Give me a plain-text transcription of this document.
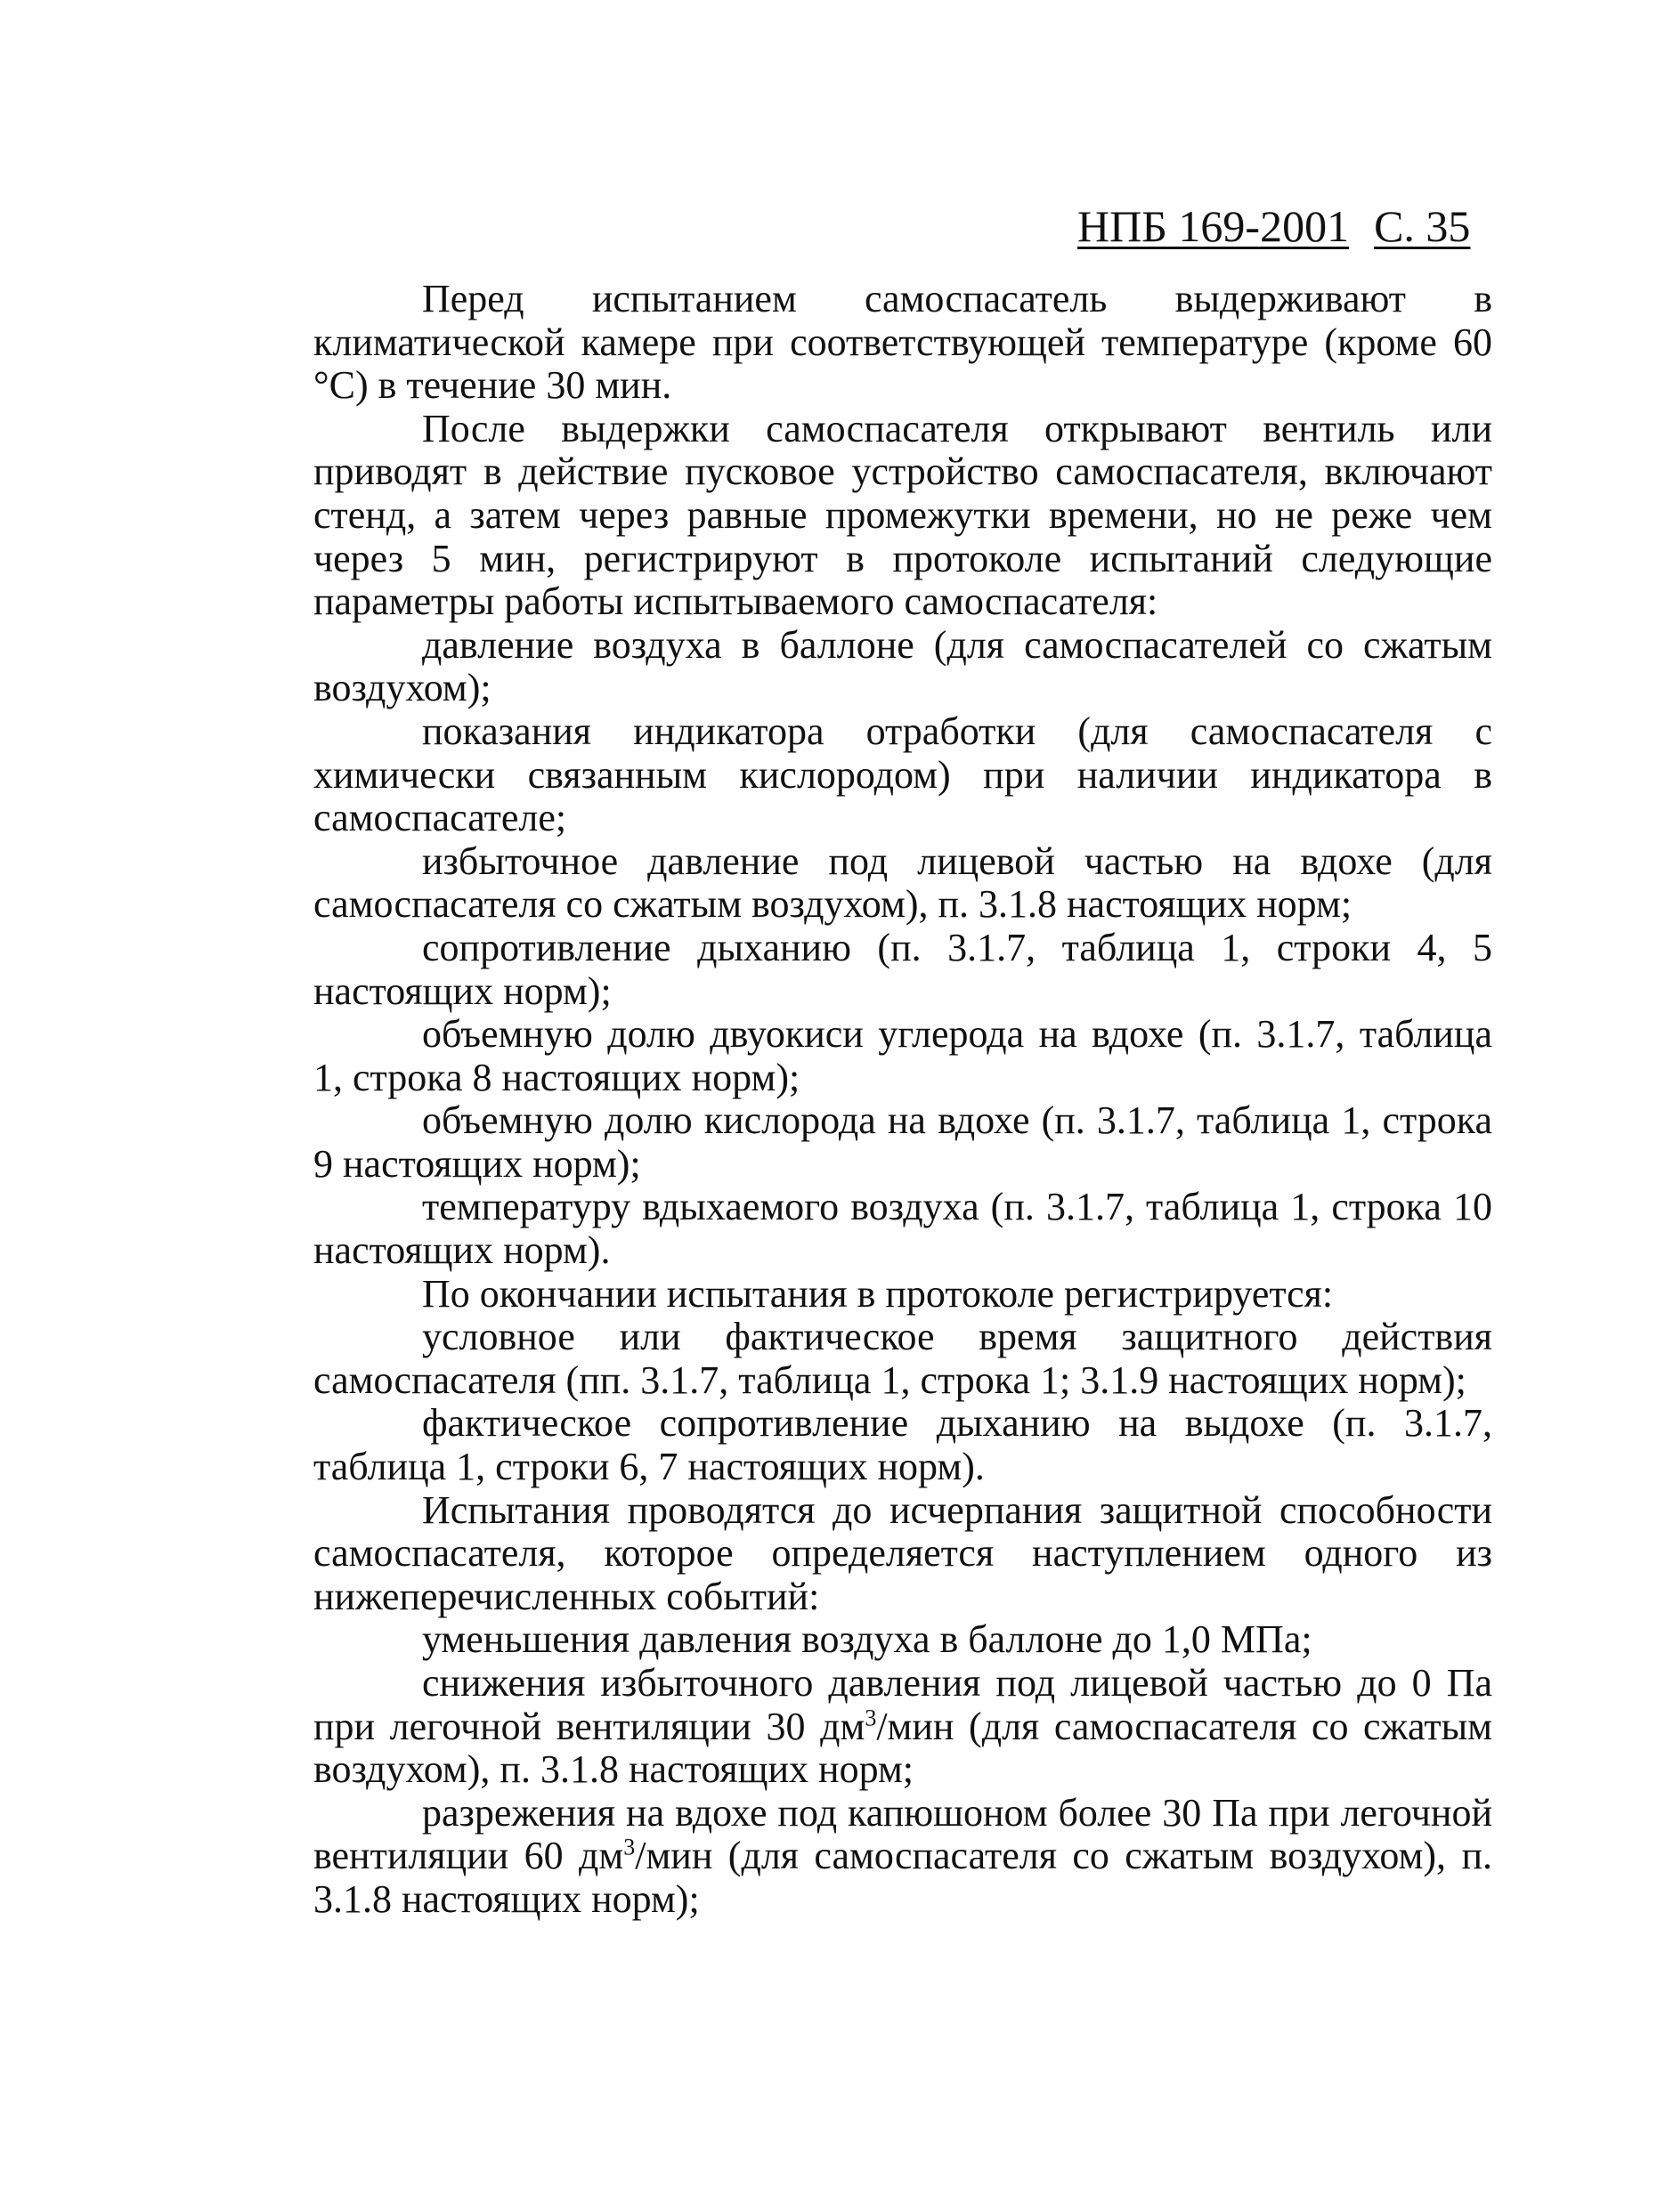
НПБ 169-2001 С. 35

Перед испытанием самоспасатель выдерживают в климатической камере при соответствующей температуре (кроме 60 °С) в течение 30 мин.

После выдержки самоспасателя открывают вентиль или приводят в действие пусковое устройство самоспасателя, включают стенд, а затем через равные промежутки времени, но не реже чем через 5 мин, регистрируют в протоколе испытаний следующие параметры работы испытываемого самоспасателя:

давление воздуха в баллоне (для самоспасателей со сжатым воздухом);

показания индикатора отработки (для самоспасателя с химически связанным кислородом) при наличии индикатора в самоспасателе;

избыточное давление под лицевой частью на вдохе (для самоспасателя со сжатым воздухом), п. 3.1.8 настоящих норм;

сопротивление дыханию (п. 3.1.7, таблица 1, строки 4, 5 настоящих норм);

объемную долю двуокиси углерода на вдохе (п. 3.1.7, таблица 1, строка 8 настоящих норм);

объемную долю кислорода на вдохе (п. 3.1.7, таблица 1, строка 9 настоящих норм);

температуру вдыхаемого воздуха (п. 3.1.7, таблица 1, строка 10 настоящих норм).

По окончании испытания в протоколе регистрируется:

условное или фактическое время защитного действия самоспасателя (пп. 3.1.7, таблица 1, строка 1; 3.1.9 настоящих норм);

фактическое сопротивление дыханию на выдохе (п. 3.1.7, таблица 1, строки 6, 7 настоящих норм).

Испытания проводятся до исчерпания защитной способности самоспасателя, которое определяется наступлением одного из нижеперечисленных событий:

уменьшения давления воздуха в баллоне до 1,0 МПа;

снижения избыточного давления под лицевой частью до 0 Па при легочной вентиляции 30 $дм^3$/мин (для самоспасателя со сжатым воздухом), п. 3.1.8 настоящих норм;

разрежения на вдохе под капюшоном более 30 Па при легочной вентиляции 60 $дм^3$/мин (для самоспасателя со сжатым воздухом), п. 3.1.8 настоящих норм);
